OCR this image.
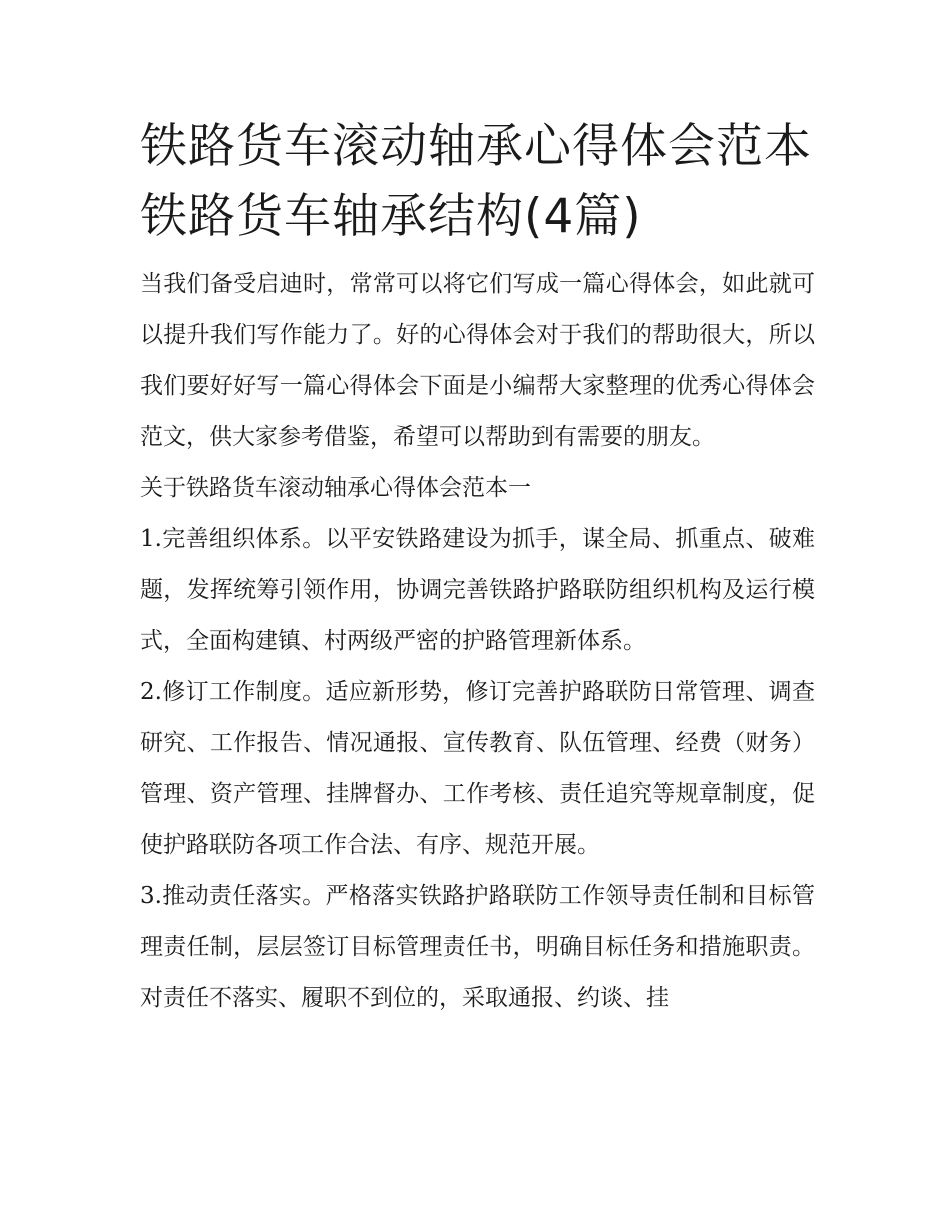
铁路货车滚动轴承心得体会范本 铁路货车轴承结构(4篇)

当我们备受启迪时，常常可以将它们写成一篇心得体会，如此就可以提升我们写作能力了。好的心得体会对于我们的帮助很大，所以我们要好好写一篇心得体会下面是小编帮大家整理的优秀心得体会范文，供大家参考借鉴，希望可以帮助到有需要的朋友。

关于铁路货车滚动轴承心得体会范本一

1.完善组织体系。以平安铁路建设为抓手，谋全局、抓重点、破难题，发挥统筹引领作用，协调完善铁路护路联防组织机构及运行模式，全面构建镇、村两级严密的护路管理新体系。

2.修订工作制度。适应新形势，修订完善护路联防日常管理、调查研究、工作报告、情况通报、宣传教育、队伍管理、经费（财务）管理、资产管理、挂牌督办、工作考核、责任追究等规章制度，促使护路联防各项工作合法、有序、规范开展。

3.推动责任落实。严格落实铁路护路联防工作领导责任制和目标管理责任制，层层签订目标管理责任书，明确目标任务和措施职责。对责任不落实、履职不到位的，采取通报、约谈、挂
